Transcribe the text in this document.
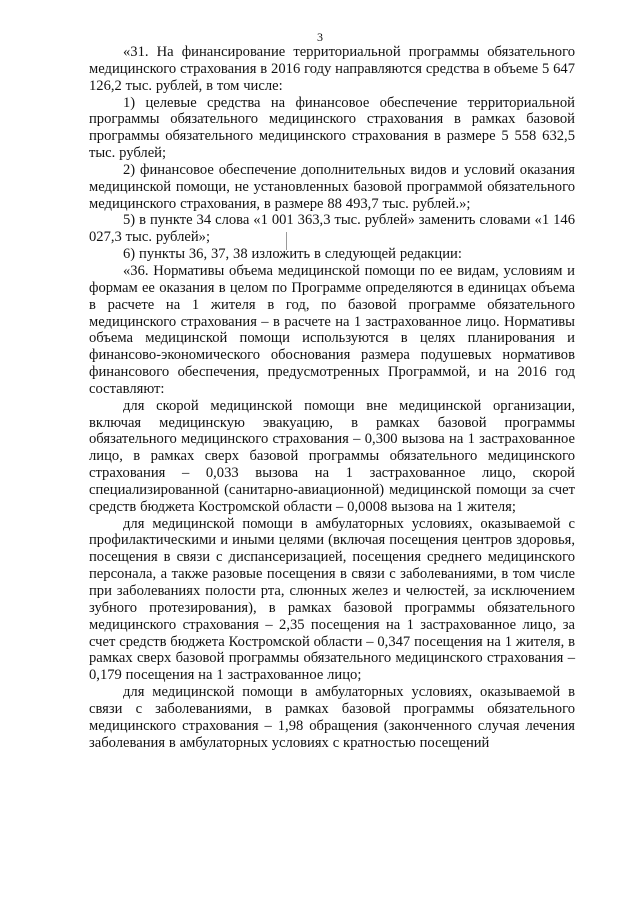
3

«31. На финансирование территориальной программы обязательного медицинского страхования в 2016 году направляются средства в объеме 5 647 126,2 тыс. рублей, в том числе:

1) целевые средства на финансовое обеспечение территориальной программы обязательного медицинского страхования в рамках базовой программы обязательного медицинского страхования в размере 5 558 632,5 тыс. рублей;

2) финансовое обеспечение дополнительных видов и условий оказания медицинской помощи, не установленных базовой программой обязательного медицинского страхования, в размере 88 493,7 тыс. рублей.»;

5) в пункте 34 слова «1 001 363,3 тыс. рублей» заменить словами «1 146 027,3 тыс. рублей»;

6) пункты 36, 37, 38 изложить в следующей редакции:

«36. Нормативы объема медицинской помощи по ее видам, условиям и формам ее оказания в целом по Программе определяются в единицах объема в расчете на 1 жителя в год, по базовой программе обязательного медицинского страхования – в расчете на 1 застрахованное лицо. Нормативы объема медицинской помощи используются в целях планирования и финансово-экономического обоснования размера подушевых нормативов финансового обеспечения, предусмотренных Программой, и на 2016 год составляют:

для скорой медицинской помощи вне медицинской организации, включая медицинскую эвакуацию, в рамках базовой программы обязательного медицинского страхования – 0,300 вызова на 1 застрахованное лицо, в рамках сверх базовой программы обязательного медицинского страхования – 0,033 вызова на 1 застрахованное лицо, скорой специализированной (санитарно-авиационной) медицинской помощи за счет средств бюджета Костромской области – 0,0008 вызова на 1 жителя;

для медицинской помощи в амбулаторных условиях, оказываемой с профилактическими и иными целями (включая посещения центров здоровья, посещения в связи с диспансеризацией, посещения среднего медицинского персонала, а также разовые посещения в связи с заболеваниями, в том числе при заболеваниях полости рта, слюнных желез и челюстей, за исключением зубного протезирования), в рамках базовой программы обязательного медицинского страхования – 2,35 посещения на 1 застрахованное лицо, за счет средств бюджета Костромской области – 0,347 посещения на 1 жителя, в рамках сверх базовой программы обязательного медицинского страхования – 0,179 посещения на 1 застрахованное лицо;

для медицинской помощи в амбулаторных условиях, оказываемой в связи с заболеваниями, в рамках базовой программы обязательного медицинского страхования – 1,98 обращения (законченного случая лечения заболевания в амбулаторных условиях с кратностью посещений
